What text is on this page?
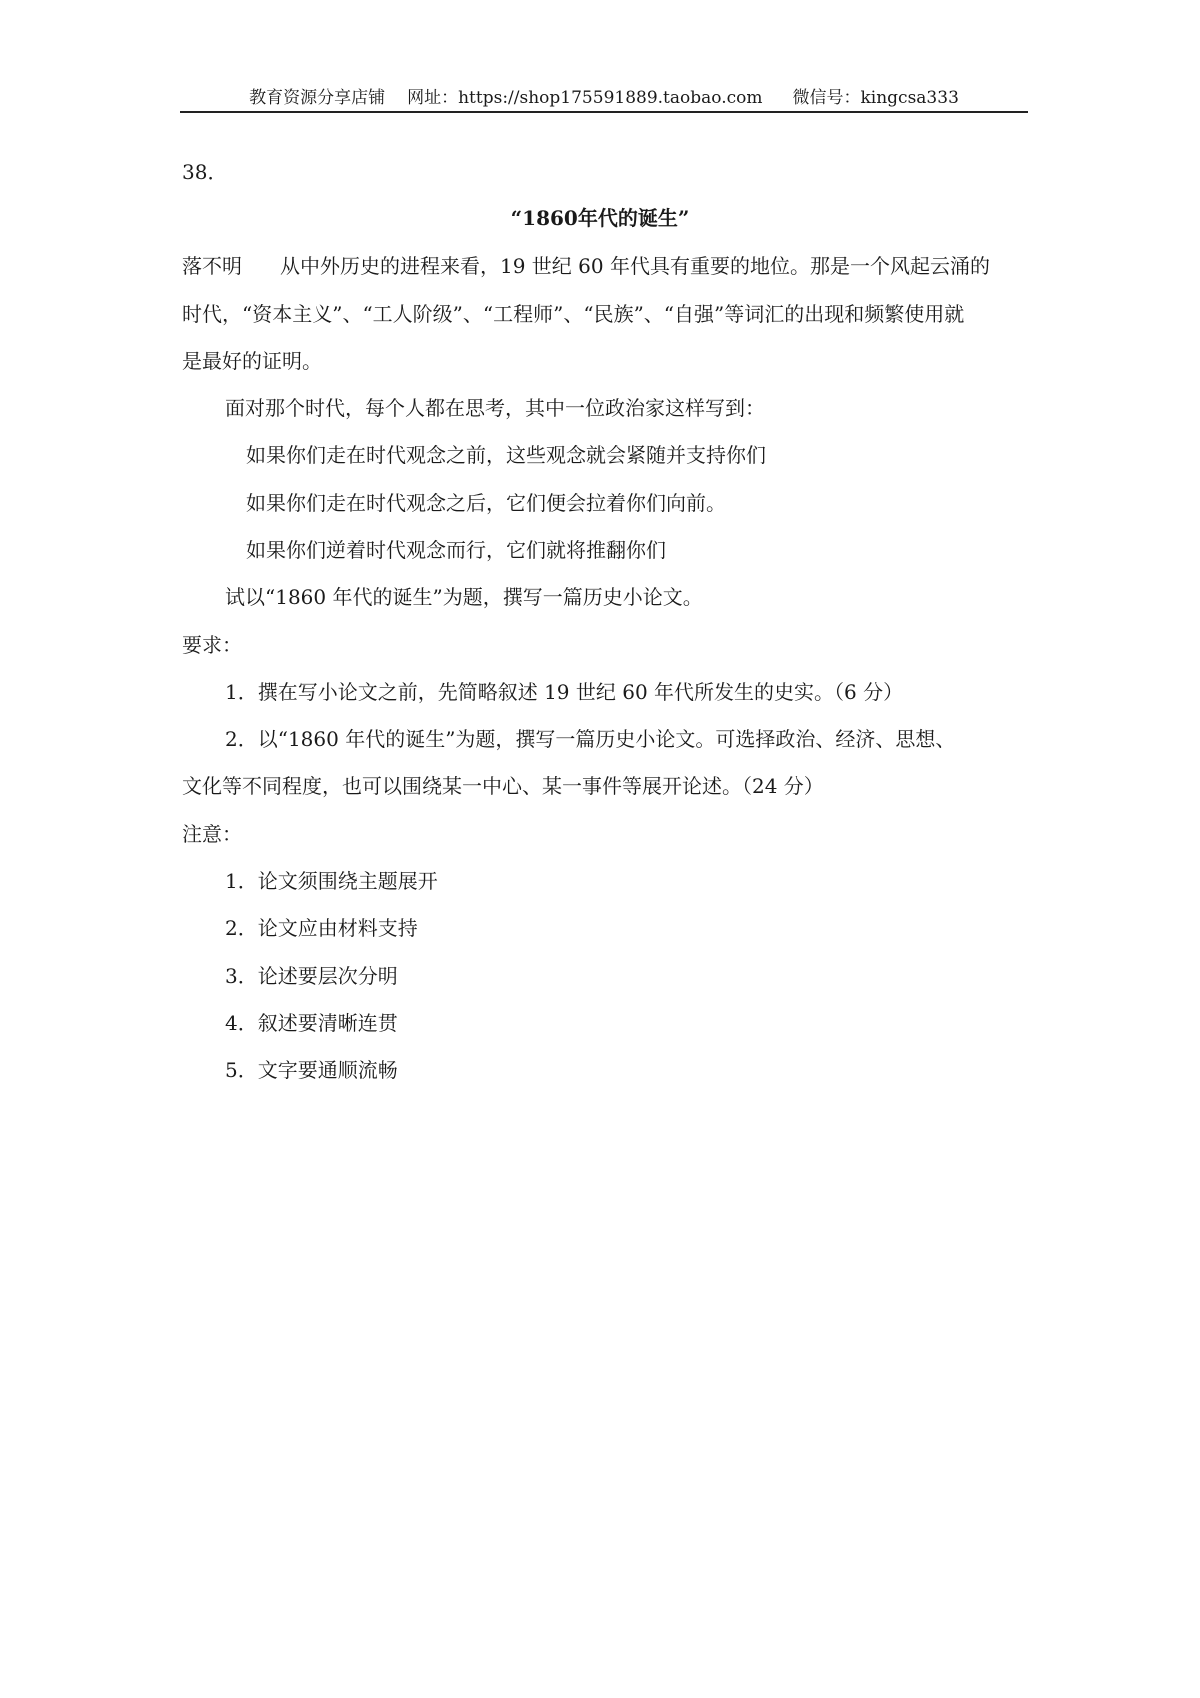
教育资源分享店铺 网址：https://shop175591889.taobao.com 微信号：kingcsa333
38．
“1860年代的诞生”
落不明 从中外历史的进程来看，19 世纪 60 年代具有重要的地位。那是一个风起云涌的
时代，“资本主义”、“工人阶级”、“工程师”、“民族”、“自强”等词汇的出现和频繁使用就
是最好的证明。
面对那个时代，每个人都在思考，其中一位政治家这样写到：
如果你们走在时代观念之前，这些观念就会紧随并支持你们
如果你们走在时代观念之后，它们便会拉着你们向前。
如果你们逆着时代观念而行，它们就将推翻你们
试以“1860 年代的诞生”为题，撰写一篇历史小论文。
要求：
1．撰在写小论文之前，先简略叙述 19 世纪 60 年代所发生的史实。（6 分）
2．以“1860 年代的诞生”为题，撰写一篇历史小论文。可选择政治、经济、思想、
文化等不同程度，也可以围绕某一中心、某一事件等展开论述。（24 分）
注意：
1．论文须围绕主题展开
2．论文应由材料支持
3．论述要层次分明
4．叙述要清晰连贯
5．文字要通顺流畅
